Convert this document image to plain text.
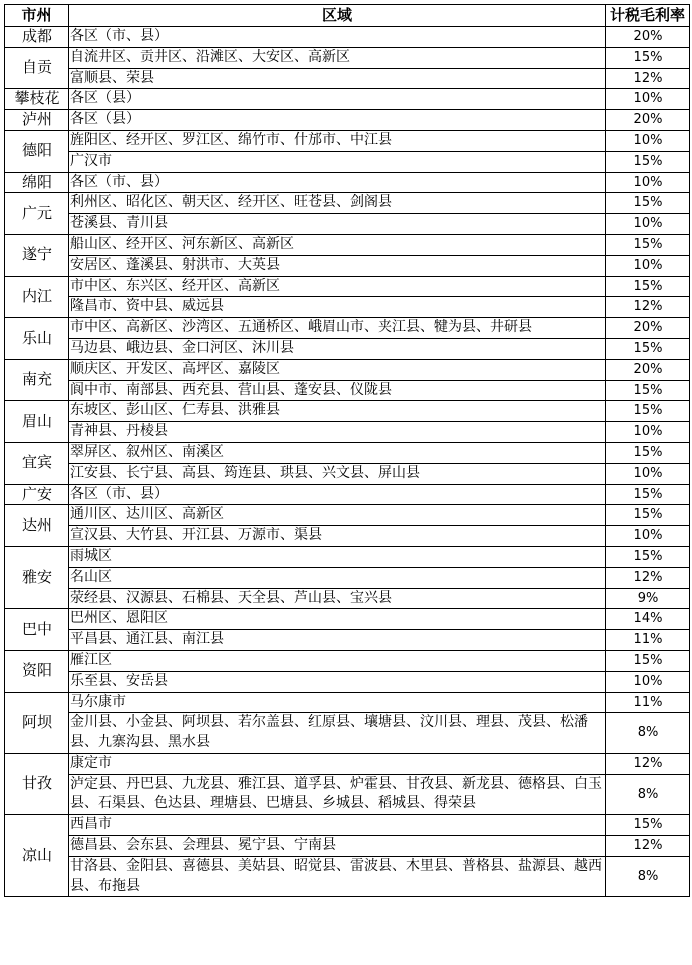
市州	区域	计税毛利率
成都	各区（市、县）	20%
自贡	自流井区、贡井区、沿滩区、大安区、高新区	15%
	富顺县、荣县	12%
攀枝花	各区（县）	10%
泸州	各区（县）	20%
德阳	旌阳区、经开区、罗江区、绵竹市、什邡市、中江县	10%
	广汉市	15%
绵阳	各区（市、县）	10%
广元	利州区、昭化区、朝天区、经开区、旺苍县、剑阁县	15%
	苍溪县、青川县	10%
遂宁	船山区、经开区、河东新区、高新区	15%
	安居区、蓬溪县、射洪市、大英县	10%
内江	市中区、东兴区、经开区、高新区	15%
	隆昌市、资中县、威远县	12%
乐山	市中区、高新区、沙湾区、五通桥区、峨眉山市、夹江县、犍为县、井研县	20%
	马边县、峨边县、金口河区、沐川县	15%
南充	顺庆区、开发区、高坪区、嘉陵区	20%
	阆中市、南部县、西充县、营山县、蓬安县、仪陇县	15%
眉山	东坡区、彭山区、仁寿县、洪雅县	15%
	青神县、丹棱县	10%
宜宾	翠屏区、叙州区、南溪区	15%
	江安县、长宁县、高县、筠连县、珙县、兴文县、屏山县	10%
广安	各区（市、县）	15%
达州	通川区、达川区、高新区	15%
	宣汉县、大竹县、开江县、万源市、渠县	10%
雅安	雨城区	15%
	名山区	12%
	荥经县、汉源县、石棉县、天全县、芦山县、宝兴县	9%
巴中	巴州区、恩阳区	14%
	平昌县、通江县、南江县	11%
资阳	雁江区	15%
	乐至县、安岳县	10%
阿坝	马尔康市	11%
	金川县、小金县、阿坝县、若尔盖县、红原县、壤塘县、汶川县、理县、茂县、松潘县、九寨沟县、黑水县	8%
甘孜	康定市	12%
	泸定县、丹巴县、九龙县、雅江县、道孚县、炉霍县、甘孜县、新龙县、德格县、白玉县、石渠县、色达县、理塘县、巴塘县、乡城县、稻城县、得荣县	8%
凉山	西昌市	15%
	德昌县、会东县、会理县、冕宁县、宁南县	12%
	甘洛县、金阳县、喜德县、美姑县、昭觉县、雷波县、木里县、普格县、盐源县、越西县、布拖县	8%
